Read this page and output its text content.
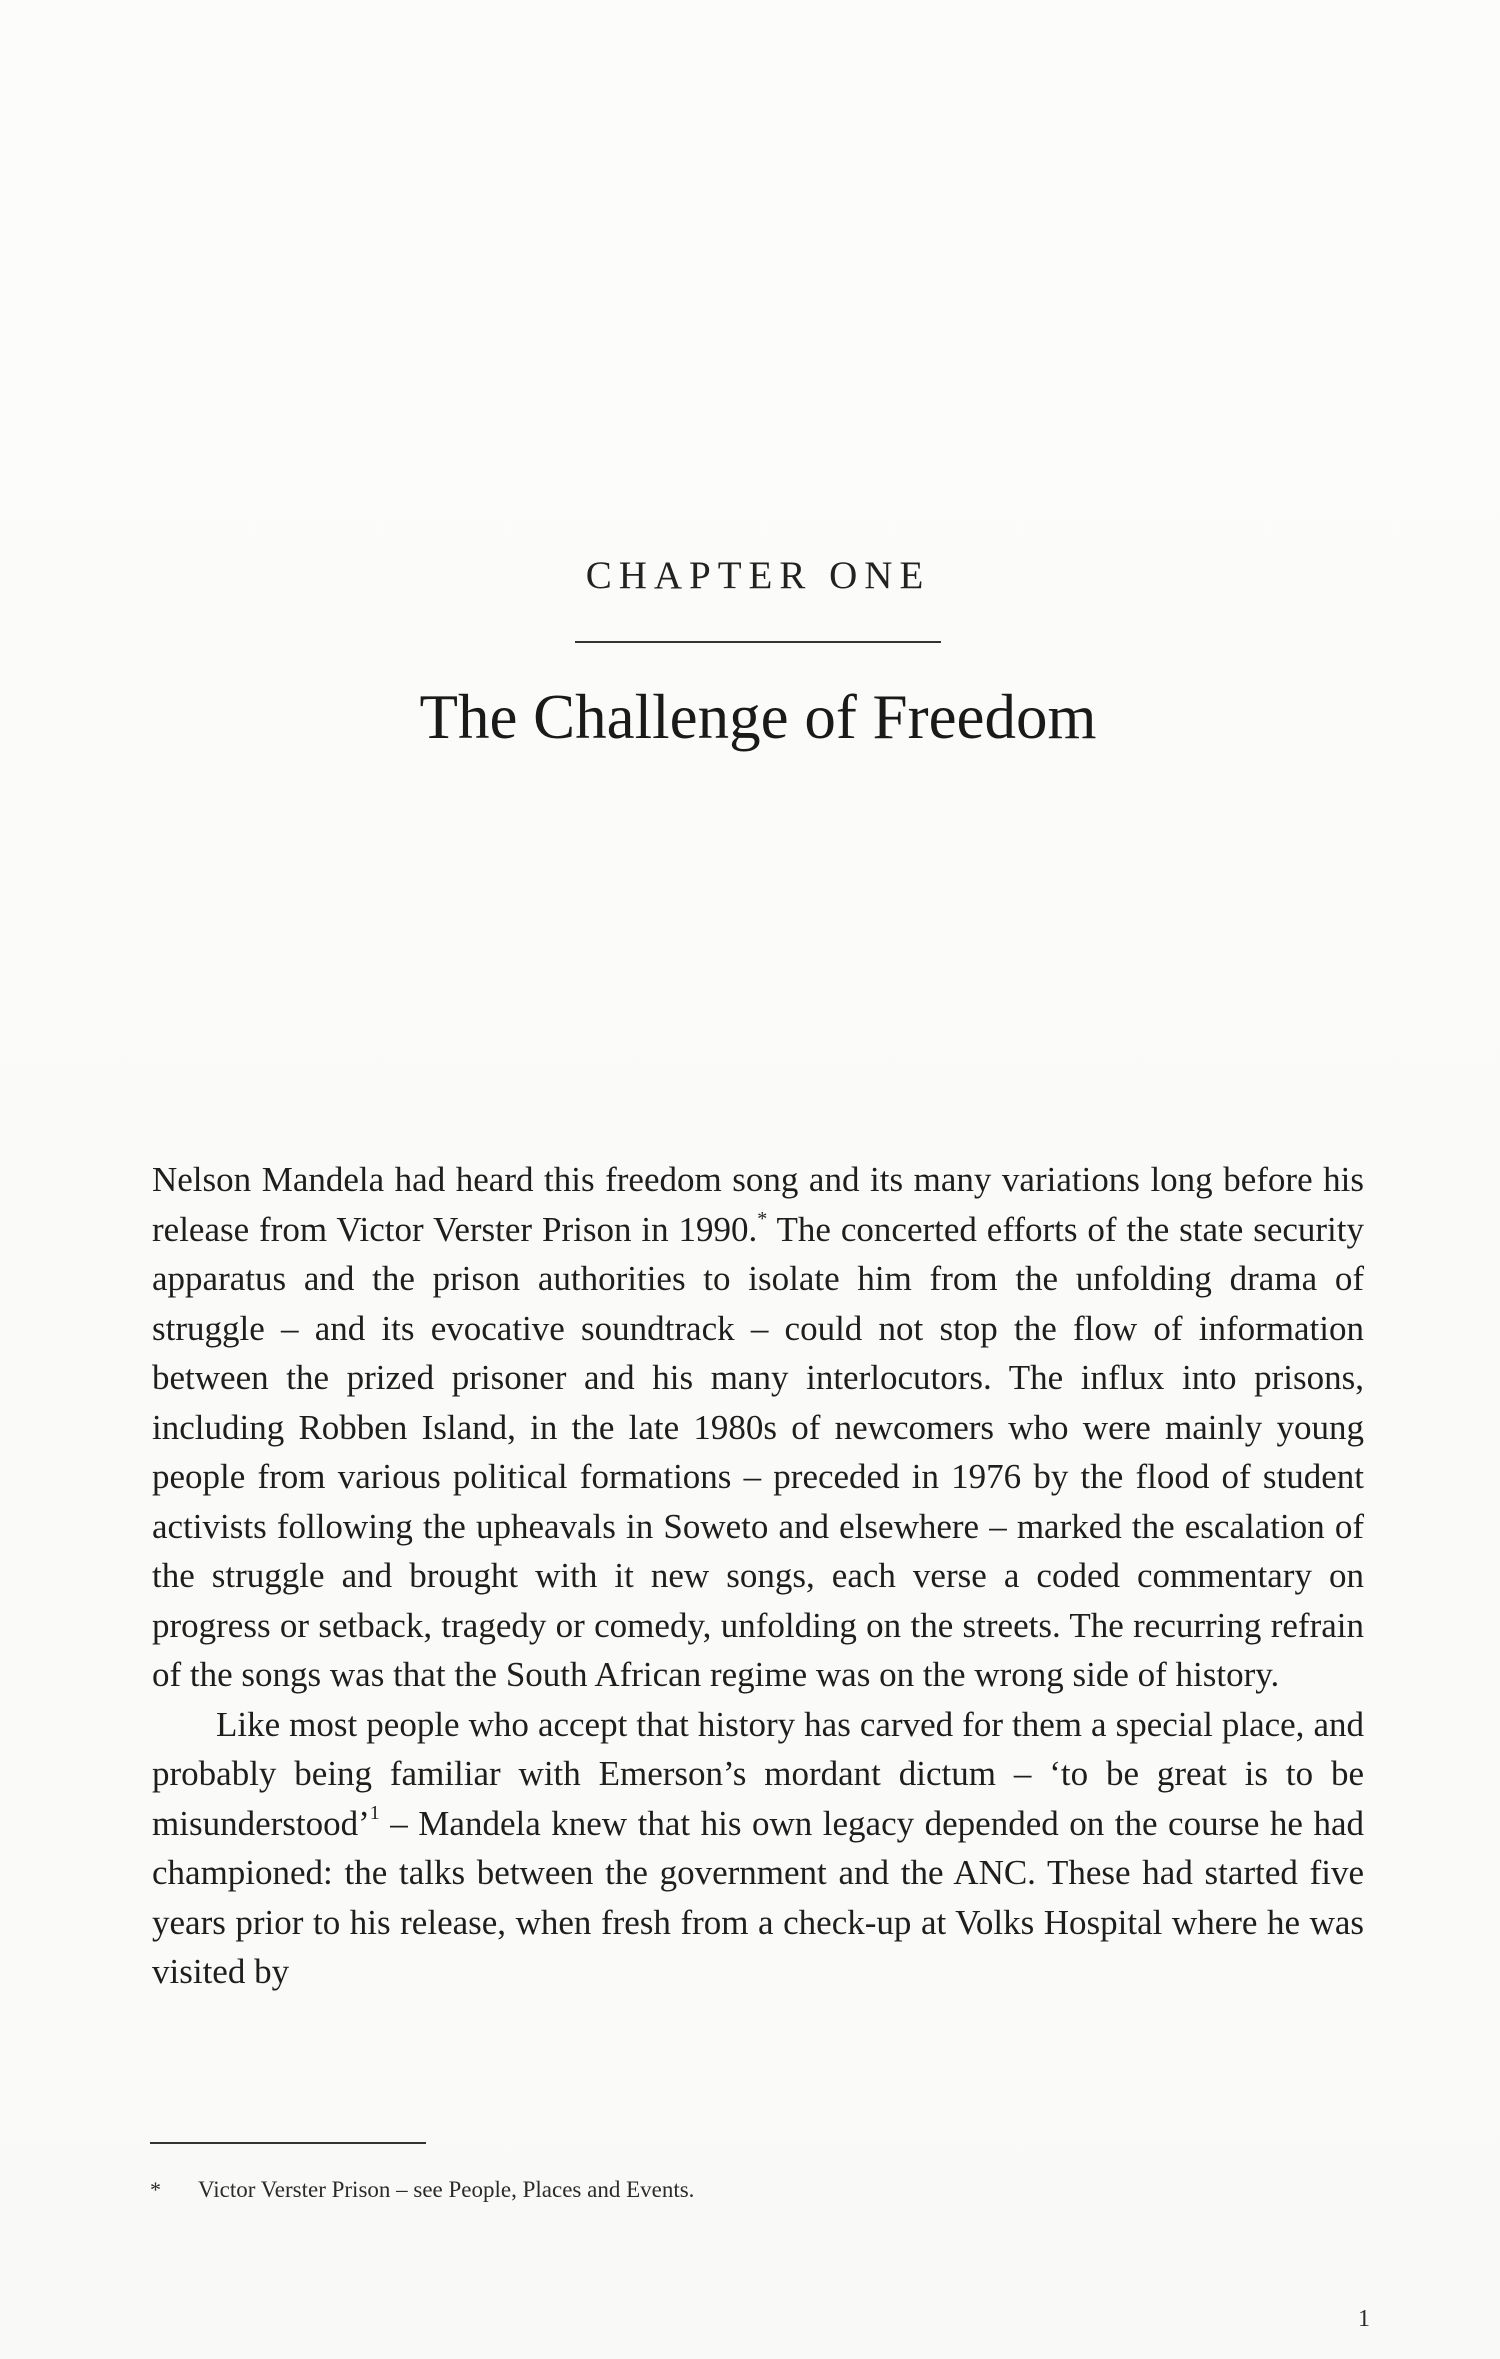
CHAPTER ONE
The Challenge of Freedom

Nelson Mandela had heard this freedom song and its many variations long before his release from Victor Verster Prison in 1990.* The concerted efforts of the state security apparatus and the prison authorities to isolate him from the unfolding drama of struggle – and its evocative soundtrack – could not stop the flow of information between the prized prisoner and his many interlocutors. The influx into prisons, including Robben Island, in the late 1980s of newcomers who were mainly young people from various political formations – preceded in 1976 by the flood of student activists following the upheavals in Soweto and elsewhere – marked the escalation of the struggle and brought with it new songs, each verse a coded commentary on progress or setback, tragedy or comedy, unfolding on the streets. The recurring refrain of the songs was that the South African regime was on the wrong side of history.

Like most people who accept that history has carved for them a special place, and probably being familiar with Emerson’s mordant dictum – ‘to be great is to be misunderstood’$^1$ – Mandela knew that his own legacy depended on the course he had championed: the talks between the government and the ANC. These had started five years prior to his release, when fresh from a check-up at Volks Hospital where he was visited by

* Victor Verster Prison – see People, Places and Events.
1
